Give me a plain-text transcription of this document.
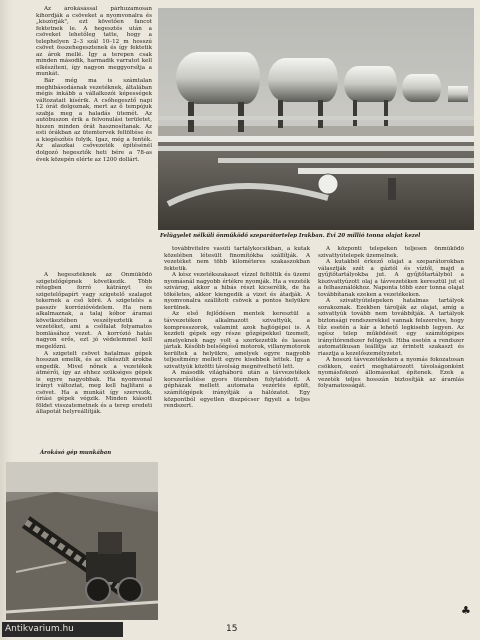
Az árokásással párhuzamosan kihordják a csöveket a nyomvonalra és „kiszórják", ezt követően fancot fektetnek le. A hegesztés után a csöveket lehetőleg tatte, hogy a telephelyen 2–3 szál 10–12 m hosszú csövet összehegesztenek és így fektetik az árok mellé. Így a terepen csak minden második, harmadik varratot kell elkészíteni, így nagyon meggyorsítja a munkát.

Bár még ma is számtalan meghibásodásnak vezetéknek, általában mégis inkább a vállalkozói képességek változatait kísérik. A csőhegesztő napi 12 órát dolgoznak, mert az ő tempójuk szabja meg a haladás ütemét. Az autóbuszon érik a felvonulási területet, hiszen minden órát hasznosítanak. Az esti órákban az ütemtervek feltöltése és a kiegészítés folyik. Igaz, még a fenték. Az alaszkai csővezeték építésénél dolgozó hegesztők heti bére a 78-as évek közepén elérte az 1200 dollárt.

A hegesztéknek az Önműködő szigetelőgépnek következik. Több rétegben forró kátrányt és szigetelőpapírt vagy szigetelő szalagot tekernek a cső köré. A szigetelés a passzív korrózióvédelem. Ha nem alkalmaznak, a talaj kóbor áramai következtében veszélyeztetik a vezetéket, ami a csőfalat folyamatos bomlásához vezet. A korrózió hatás nagyon erős, ezt jó védelemmel kell megelőzni.

A szigetelt csövet hatalmas gépek hosszan emelik, és az elkészült árokba engedik. Mivel nőnek a vezetékek átmérői, így az ehhez szükséges gépek is egyre nagyobbak. Ha nyomvonal irányt változtat, meg kell hajlítani a csövet. Ha a munkát így szervezik, óriási gépek végzik. Minden kiásott földet visszatemetnek és a terep eredeti állapotát helyreállítják.

Felügyelet nélküli önműködő szeparátortelep Irakban. Évi 20 millió tonna olajat kezel

továbbvitelre vasúti tartálykocsikban, a kutak közelében létesült finomítókba szállítják. A vezetéket nem több kilométeres szakaszokban fektetik.

A kész vezetékszakaszt vízzel feltöltik és üzemi nyomásnál nagyobb értékre nyomják. Ha a vezeték szivárog, akkor a hibás részt kicserélik, de ha tökéletes, akkor kiengedik a vizet és átadják. A nyomvonalra szállított csövek a pontos helyükre kerülnek.

Az első fejlődésen mentek keresztül a távvezetéken alkalmazott szivattyúk, a kompresszorok, valamint azok hajtógépei is. A kezdeti gépek egy része gőzgépekkel üzemelt, amelyeknek nagy volt a szerkezetük és lassan jártak. Később belsőégésű motorok, villanymotorok kerültek a helyükre, amelyek egyre nagyobb teljesítmény mellett egyre kisebbek lettek. Így a szivattyúk közötti távolság megnövelhető lett.

A második világháború után a távvezetékek korszerűsítése gyors ütemben folytatódott. A gépházak mellett automata vezérlés épült, számítógépek irányítják a hálózatot. Egy központból egyetlen diszpécser figyeli a teljes rendszert.

A központi telepeken teljesen önműködő szivattyútelepek üzemelnek.

A kutakból érkező olajat a szeparátorokban választják szét a gáztól és víztől, majd a gyűjtőtartályokba jut. A gyűjtőtartályból a kiszivattyúzott olaj a távvezetéken keresztül jut el a felhasználókhoz. Naponta több ezer tonna olajat továbbítanak ezeken a vezetékeken.

A szivattyútelepeken hatalmas tartályok sorakoznak. Ezekben tárolják az olajat, amíg a szivattyúk tovább nem továbbítják. A tartályok biztonsági rendszerekkel vannak felszerelve, hogy tűz esetén a kár a lehető legkisebb legyen. Az egész telep működését egy számítógépes irányítórendszer felügyeli. Hiba esetén a rendszer automatikusan leállítja az érintett szakaszt és riasztja a kezelőszemélyzetet.

A hosszú távvezetékeken a nyomás fokozatosan csökken, ezért meghatározott távolságonként nyomásfokozó állomásokat építenek. Ezek a vezeték teljes hosszán biztosítják az áramlás folyamatosságát.

Árokásó gép munkában
15
♣
Antikvarium.hu
